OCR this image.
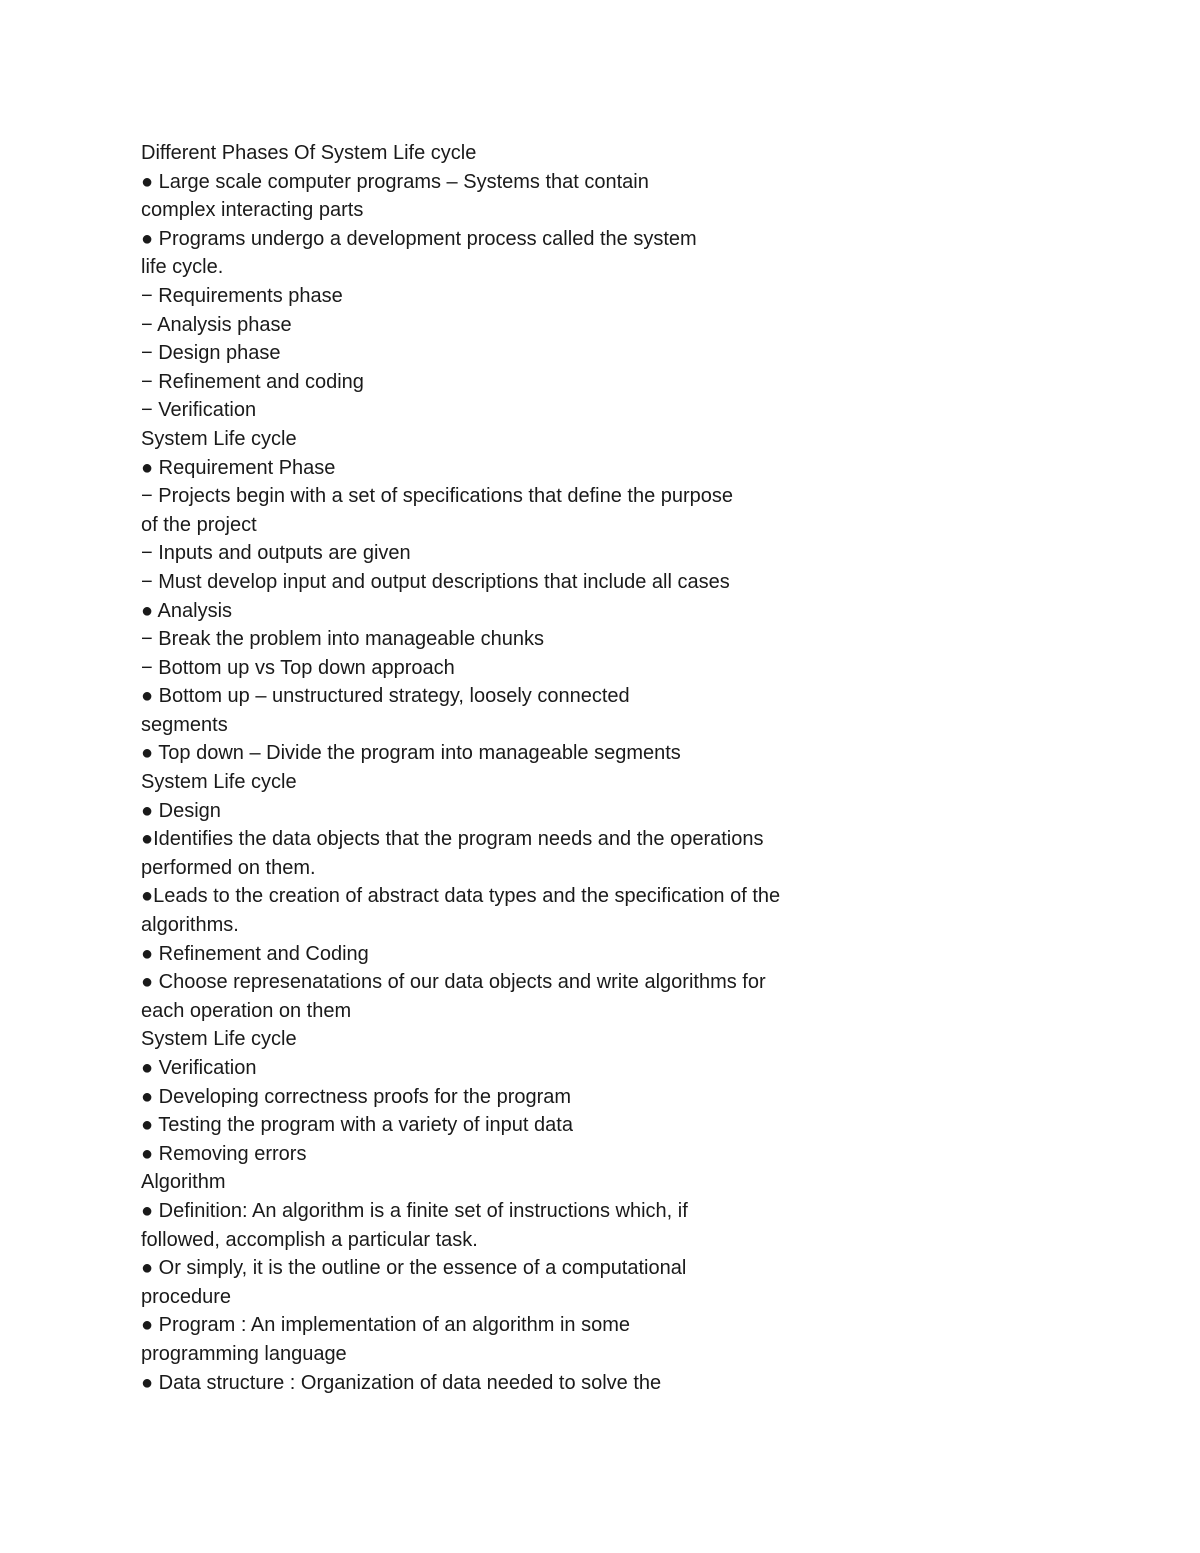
Different Phases Of System Life cycle
● Large scale computer programs – Systems that contain
complex interacting parts
● Programs undergo a development process called the system
life cycle.
− Requirements phase
− Analysis phase
− Design phase
− Refinement and coding
− Verification
System Life cycle
● Requirement Phase
− Projects begin with a set of specifications that define the purpose
of the project
− Inputs and outputs are given
− Must develop input and output descriptions that include all cases
● Analysis
− Break the problem into manageable chunks
− Bottom up vs Top down approach
● Bottom up – unstructured strategy, loosely connected
segments
● Top down – Divide the program into manageable segments
System Life cycle
● Design
●Identifies the data objects that the program needs and the operations
performed on them.
●Leads to the creation of abstract data types and the specification of the
algorithms.
● Refinement and Coding
● Choose represenatations of our data objects and write algorithms for
each operation on them
System Life cycle
● Verification
● Developing correctness proofs for the program
● Testing the program with a variety of input data
● Removing errors
Algorithm
● Definition: An algorithm is a finite set of instructions which, if
followed, accomplish a particular task.
● Or simply, it is the outline or the essence of a computational
procedure
● Program : An implementation of an algorithm in some
programming language
● Data structure : Organization of data needed to solve the
